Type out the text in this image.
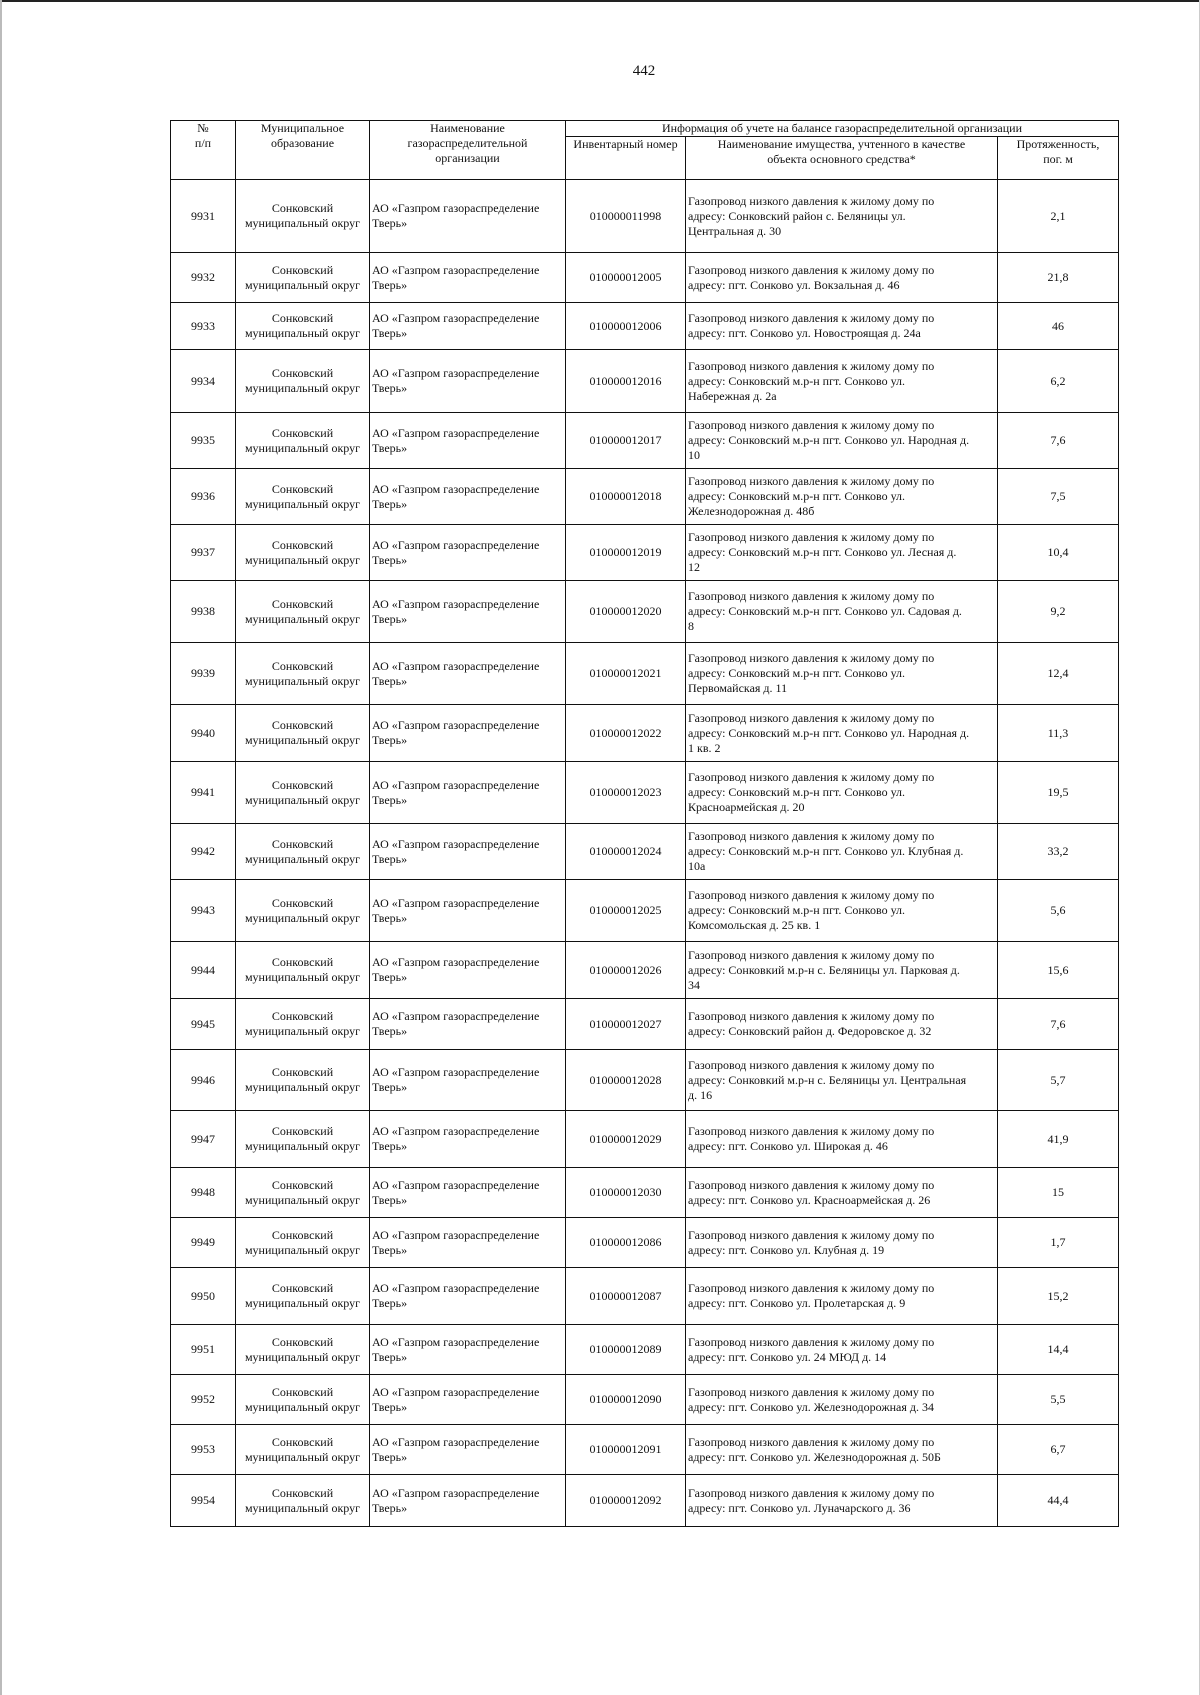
442
№
п/п	Муниципальное
образование	Наименование
газораспределительной
организации	Информация об учете на балансе газораспределительной организации		
			Инвентарный номер	Наименование имущества, учтенного в качестве
объекта основного средства*	Протяженность,
пог. м
9931	Сонковский
муниципальный округ	АО «Газпром газораспределение
Тверь»	010000011998	Газопровод низкого давления к жилому дому по
адресу: Сонковский район с. Беляницы ул.
Центральная д. 30	2,1
9932	Сонковский
муниципальный округ	АО «Газпром газораспределение
Тверь»	010000012005	Газопровод низкого давления к жилому дому по
адресу: пгт. Сонково ул. Вокзальная д. 46	21,8
9933	Сонковский
муниципальный округ	АО «Газпром газораспределение
Тверь»	010000012006	Газопровод низкого давления к жилому дому по
адресу: пгт. Сонково ул. Новостроящая д. 24а	46
9934	Сонковский
муниципальный округ	АО «Газпром газораспределение
Тверь»	010000012016	Газопровод низкого давления к жилому дому по
адресу: Сонковский м.р-н пгт. Сонково ул.
Набережная д. 2а	6,2
9935	Сонковский
муниципальный округ	АО «Газпром газораспределение
Тверь»	010000012017	Газопровод низкого давления к жилому дому по
адресу: Сонковский м.р-н пгт. Сонково ул. Народная д.
10	7,6
9936	Сонковский
муниципальный округ	АО «Газпром газораспределение
Тверь»	010000012018	Газопровод низкого давления к жилому дому по
адресу: Сонковский м.р-н пгт. Сонково ул.
Железнодорожная д. 48б	7,5
9937	Сонковский
муниципальный округ	АО «Газпром газораспределение
Тверь»	010000012019	Газопровод низкого давления к жилому дому по
адресу: Сонковский м.р-н пгт. Сонково ул. Лесная д.
12	10,4
9938	Сонковский
муниципальный округ	АО «Газпром газораспределение
Тверь»	010000012020	Газопровод низкого давления к жилому дому по
адресу: Сонковский м.р-н пгт. Сонково ул. Садовая д.
8	9,2
9939	Сонковский
муниципальный округ	АО «Газпром газораспределение
Тверь»	010000012021	Газопровод низкого давления к жилому дому по
адресу: Сонковский м.р-н пгт. Сонково ул.
Первомайская д. 11	12,4
9940	Сонковский
муниципальный округ	АО «Газпром газораспределение
Тверь»	010000012022	Газопровод низкого давления к жилому дому по
адресу: Сонковский м.р-н пгт. Сонково ул. Народная д.
1 кв. 2	11,3
9941	Сонковский
муниципальный округ	АО «Газпром газораспределение
Тверь»	010000012023	Газопровод низкого давления к жилому дому по
адресу: Сонковский м.р-н пгт. Сонково ул.
Красноармейская д. 20	19,5
9942	Сонковский
муниципальный округ	АО «Газпром газораспределение
Тверь»	010000012024	Газопровод низкого давления к жилому дому по
адресу: Сонковский м.р-н пгт. Сонково ул. Клубная д.
10а	33,2
9943	Сонковский
муниципальный округ	АО «Газпром газораспределение
Тверь»	010000012025	Газопровод низкого давления к жилому дому по
адресу: Сонковский м.р-н пгт. Сонково ул.
Комсомольская д. 25 кв. 1	5,6
9944	Сонковский
муниципальный округ	АО «Газпром газораспределение
Тверь»	010000012026	Газопровод низкого давления к жилому дому по
адресу: Сонковкий м.р-н с. Беляницы ул. Парковая д.
34	15,6
9945	Сонковский
муниципальный округ	АО «Газпром газораспределение
Тверь»	010000012027	Газопровод низкого давления к жилому дому по
адресу: Сонковский район д. Федоровское д. 32	7,6
9946	Сонковский
муниципальный округ	АО «Газпром газораспределение
Тверь»	010000012028	Газопровод низкого давления к жилому дому по
адресу: Сонковкий м.р-н с. Беляницы ул. Центральная
д. 16	5,7
9947	Сонковский
муниципальный округ	АО «Газпром газораспределение
Тверь»	010000012029	Газопровод низкого давления к жилому дому по
адресу: пгт. Сонково ул. Широкая д. 46	41,9
9948	Сонковский
муниципальный округ	АО «Газпром газораспределение
Тверь»	010000012030	Газопровод низкого давления к жилому дому по
адресу: пгт. Сонково ул. Красноармейская д. 26	15
9949	Сонковский
муниципальный округ	АО «Газпром газораспределение
Тверь»	010000012086	Газопровод низкого давления к жилому дому по
адресу: пгт. Сонково ул. Клубная д. 19	1,7
9950	Сонковский
муниципальный округ	АО «Газпром газораспределение
Тверь»	010000012087	Газопровод низкого давления к жилому дому по
адресу: пгт. Сонково ул. Пролетарская д. 9	15,2
9951	Сонковский
муниципальный округ	АО «Газпром газораспределение
Тверь»	010000012089	Газопровод низкого давления к жилому дому по
адресу: пгт. Сонково ул. 24 МЮД д. 14	14,4
9952	Сонковский
муниципальный округ	АО «Газпром газораспределение
Тверь»	010000012090	Газопровод низкого давления к жилому дому по
адресу: пгт. Сонково ул. Железнодорожная д. 34	5,5
9953	Сонковский
муниципальный округ	АО «Газпром газораспределение
Тверь»	010000012091	Газопровод низкого давления к жилому дому по
адресу: пгт. Сонково ул. Железнодорожная д. 50Б	6,7
9954	Сонковский
муниципальный округ	АО «Газпром газораспределение
Тверь»	010000012092	Газопровод низкого давления к жилому дому по
адресу: пгт. Сонково ул. Луначарского д. 36	44,4
